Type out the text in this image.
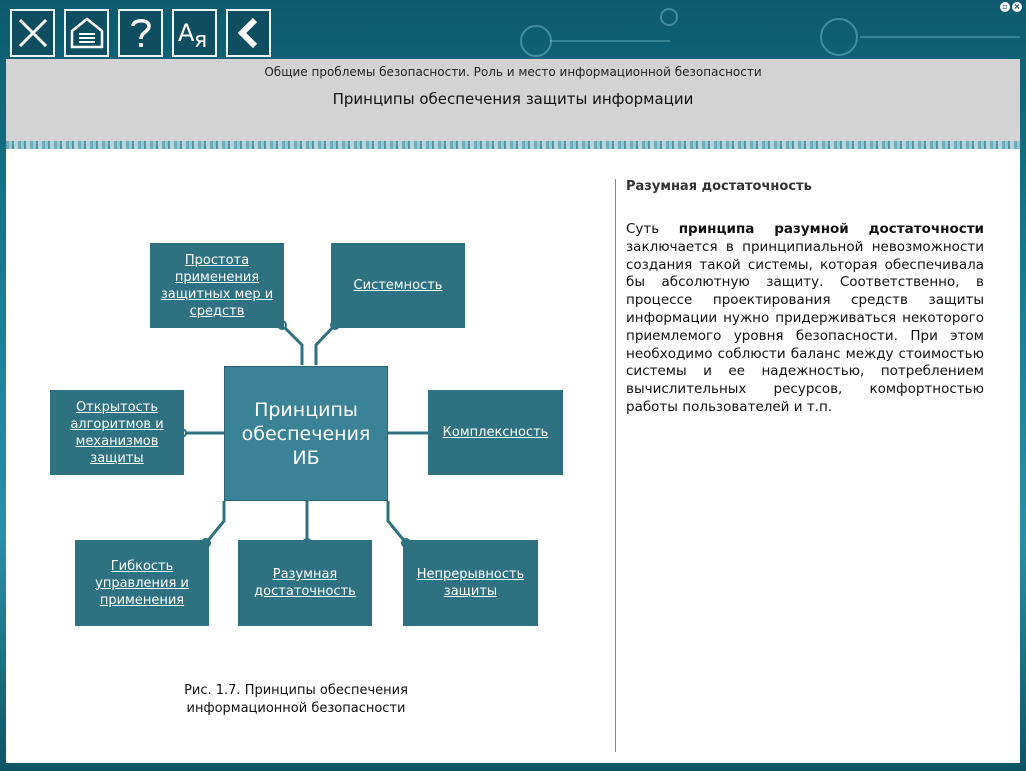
A я
▫ ×
Общие проблемы безопасности. Роль и место информационной безопасности
Принципы обеспечения защиты информации
Принципы обеспечения ИБ
Простота применения защитных мер и средств
Системность
Открытость алгоритмов и механизмов защиты
Комплексность
Гибкость управления и применения
Разумная достаточность
Непрерывность защиты
Рис. 1.7. Принципы обеспечения
информационной безопасности
Разумная достаточность

Суть принципа разумной достаточности заключается в принципиальной невозможности создания такой системы, которая обеспечивала бы абсолютную защиту. Соответственно, в процессе проектирования средств защиты информации нужно придерживаться некоторого приемлемого уровня безопасности. При этом необходимо соблюсти баланс между стоимостью системы и ее надежностью, потреблением вычислительных ресурсов, комфортностью работы пользователей и т.п.
